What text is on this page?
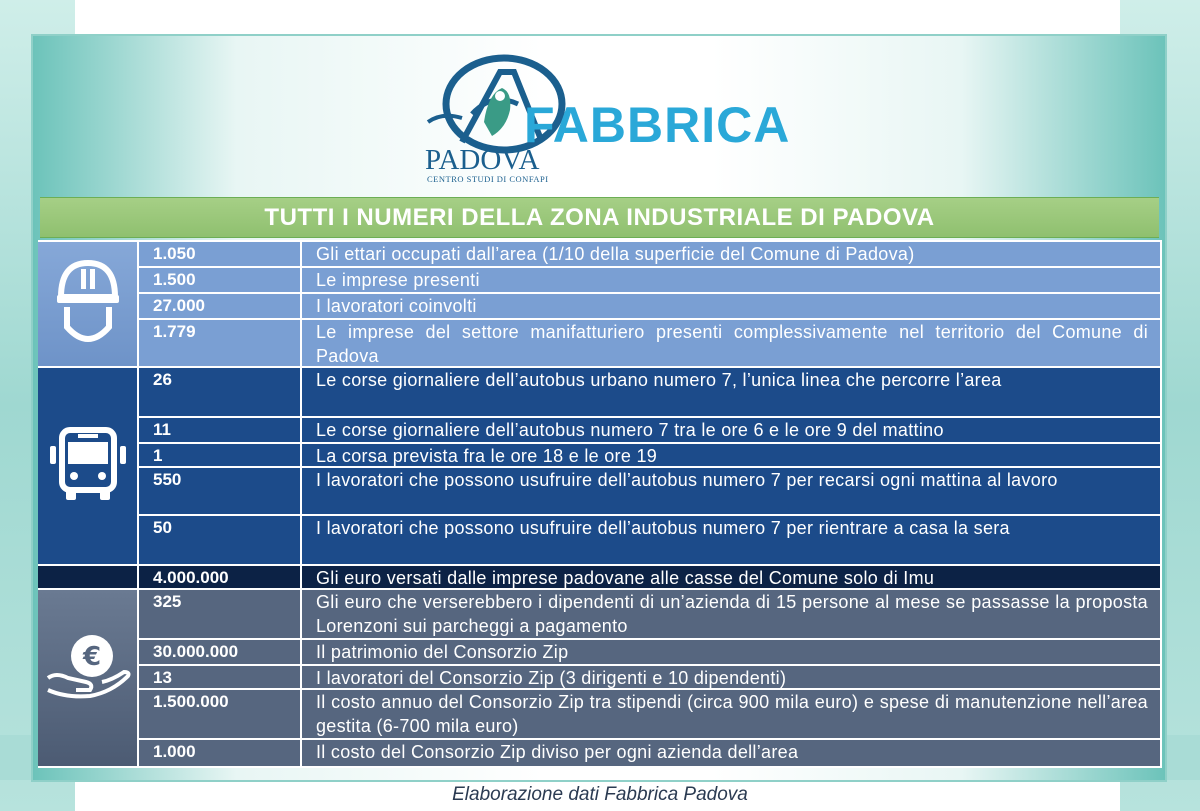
FABBRICA
PADOVA
CENTRO STUDI DI CONFAPI
TUTTI I NUMERI DELLA ZONA INDUSTRIALE DI PADOVA
1.050	Gli ettari occupati dall’area (1/10 della superficie del Comune di Padova)
1.500	Le imprese presenti
27.000	I lavoratori coinvolti
1.779	Le imprese del settore manifatturiero presenti complessivamente nel territorio del Comune di Padova
26	Le corse giornaliere dell’autobus urbano numero 7, l’unica linea che percorre l’area
11	Le corse giornaliere dell’autobus numero 7 tra le ore 6 e le ore 9 del mattino
1	La corsa prevista fra le ore 18 e le ore 19
550	I lavoratori che possono usufruire dell’autobus numero 7 per recarsi ogni mattina al lavoro
50	I lavoratori che possono usufruire dell’autobus numero 7 per rientrare a casa la sera
4.000.000	Gli euro versati dalle imprese padovane alle casse del Comune solo di Imu
€
325	Gli euro che verserebbero i dipendenti di un’azienda di 15 persone al mese se passasse la proposta Lorenzoni sui parcheggi a pagamento
30.000.000	Il patrimonio del Consorzio Zip
13	I lavoratori del Consorzio Zip (3 dirigenti e 10 dipendenti)
1.500.000	Il costo annuo del Consorzio Zip tra stipendi (circa 900 mila euro) e spese di manutenzione nell’area gestita (6-700 mila euro)
1.000	Il costo del Consorzio Zip diviso per ogni azienda dell’area
Elaborazione dati Fabbrica Padova
